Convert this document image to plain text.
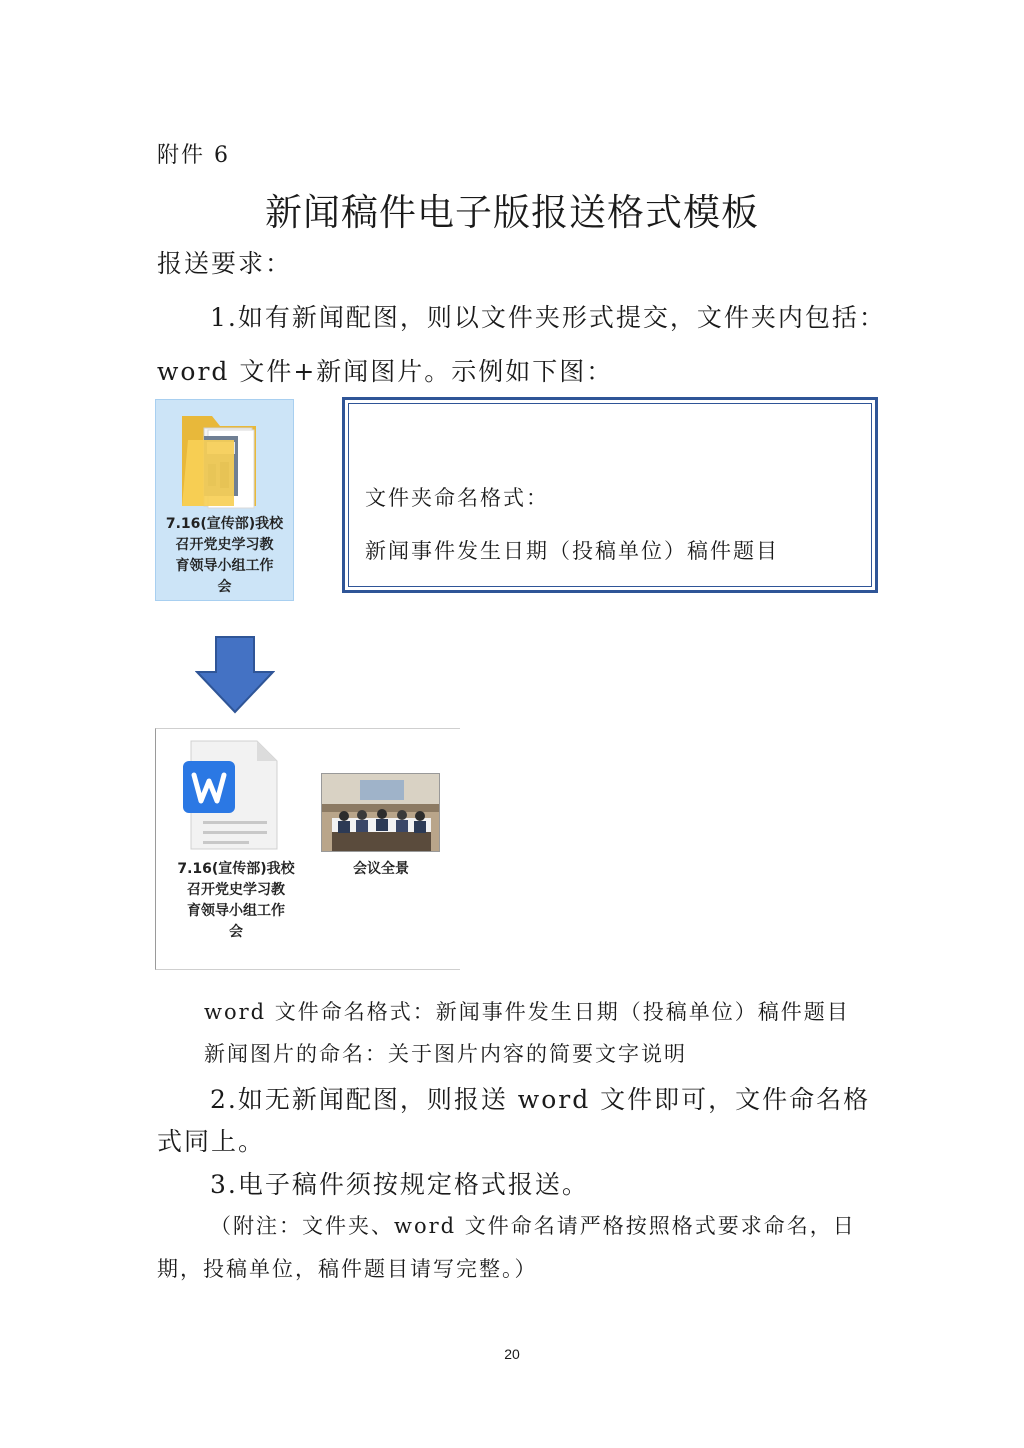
附件 6
新闻稿件电子版报送格式模板
报送要求：
1.如有新闻配图，则以文件夹形式提交，文件夹内包括：
word 文件+新闻图片。示例如下图：
7.16(宣传部)我校
召开党史学习教
育领导小组工作
会
文件夹命名格式：
新闻事件发生日期（投稿单位）稿件题目
7.16(宣传部)我校
召开党史学习教
育领导小组工作
会
会议全景
word 文件命名格式：新闻事件发生日期（投稿单位）稿件题目
新闻图片的命名：关于图片内容的简要文字说明
2.如无新闻配图，则报送 word 文件即可，文件命名格
式同上。
3.电子稿件须按规定格式报送。
（附注：文件夹、word 文件命名请严格按照格式要求命名，日
期，投稿单位，稿件题目请写完整。）
20
